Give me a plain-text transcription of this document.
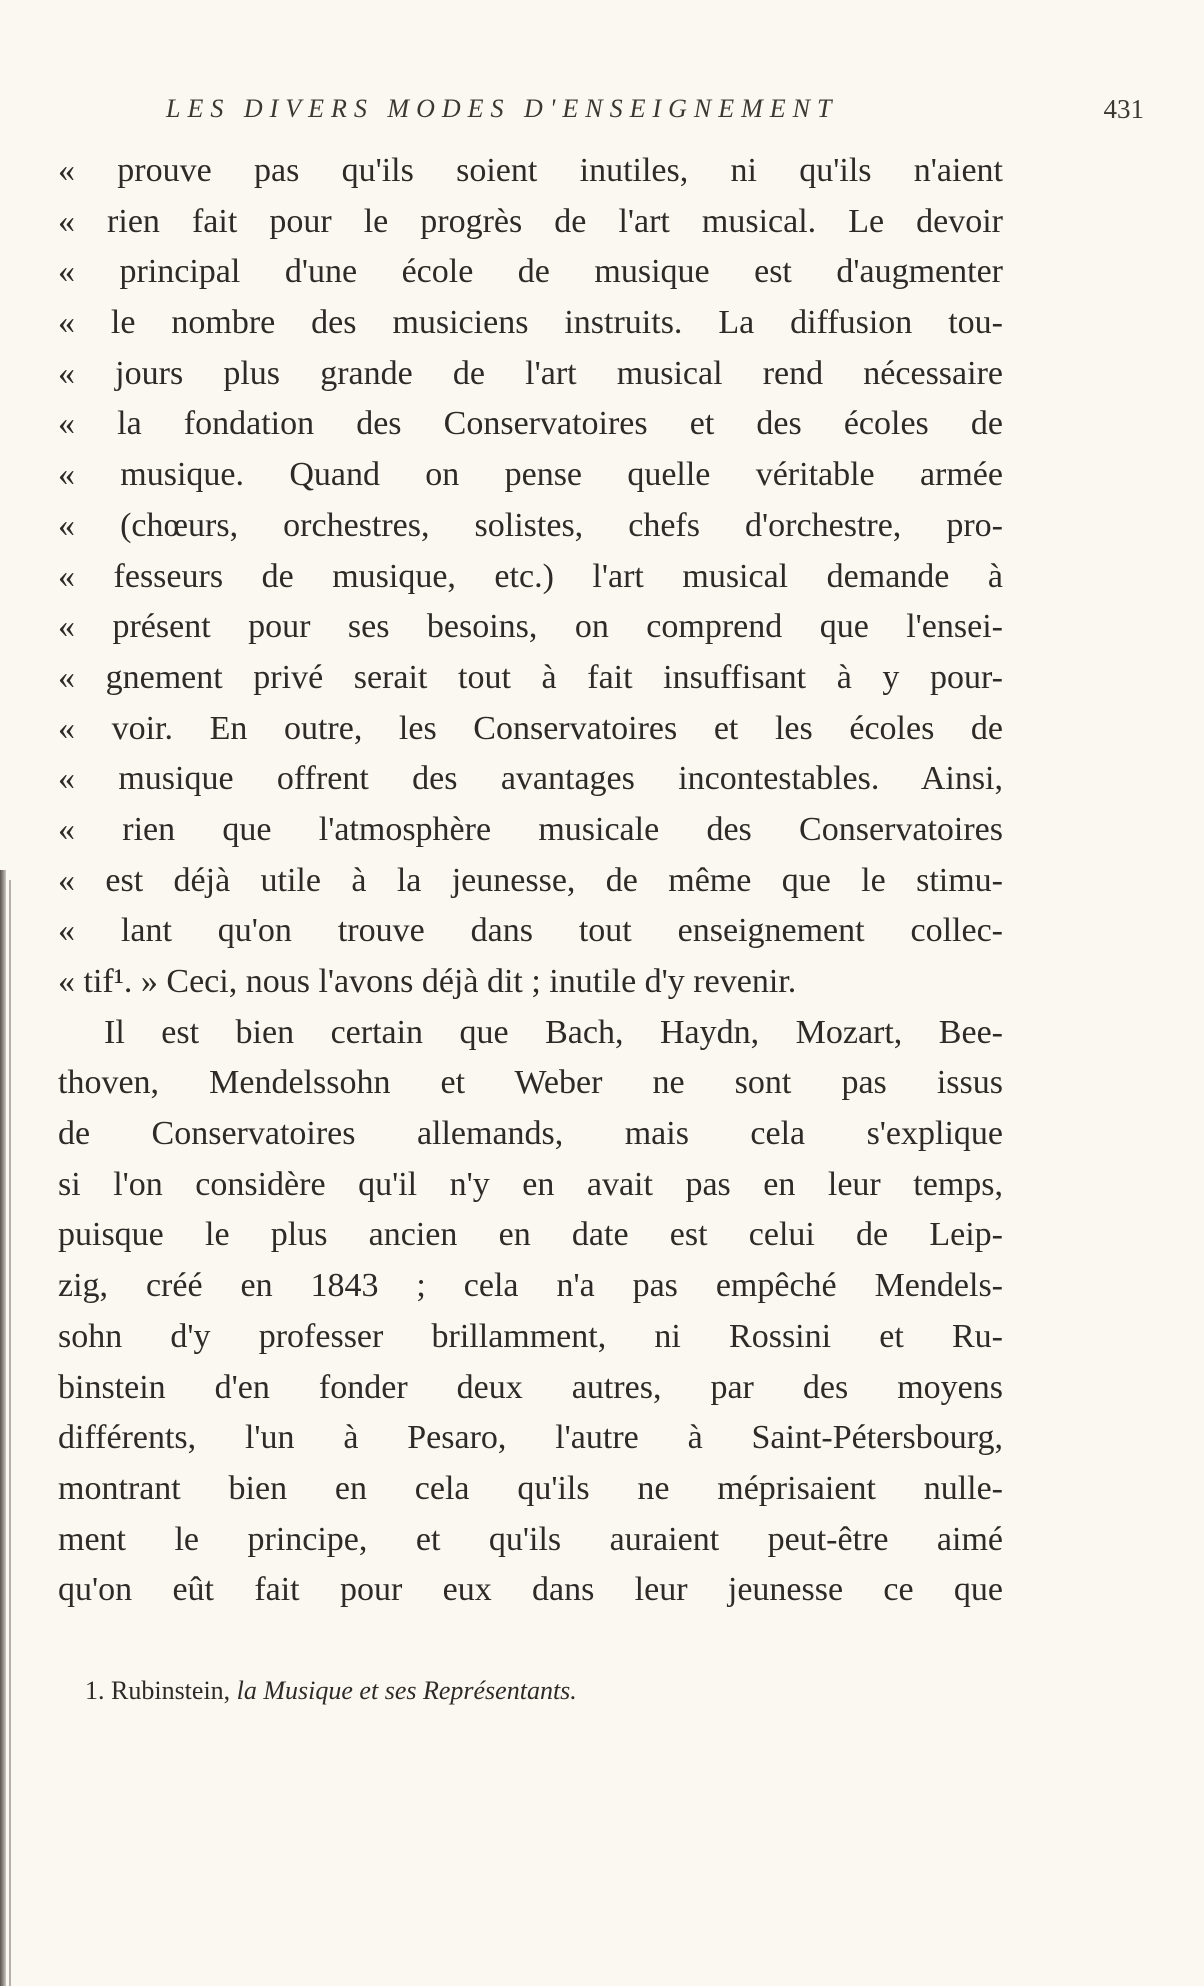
LES DIVERS MODES D'ENSEIGNEMENT	431
« prouve pas qu'ils soient inutiles, ni qu'ils n'aient
« rien fait pour le progrès de l'art musical. Le devoir
« principal d'une école de musique est d'augmenter
« le nombre des musiciens instruits. La diffusion tou-
« jours plus grande de l'art musical rend nécessaire
« la fondation des Conservatoires et des écoles de
« musique. Quand on pense quelle véritable armée
« (chœurs, orchestres, solistes, chefs d'orchestre, pro-
« fesseurs de musique, etc.) l'art musical demande à
« présent pour ses besoins, on comprend que l'ensei-
« gnement privé serait tout à fait insuffisant à y pour-
« voir. En outre, les Conservatoires et les écoles de
« musique offrent des avantages incontestables. Ainsi,
« rien que l'atmosphère musicale des Conservatoires
« est déjà utile à la jeunesse, de même que le stimu-
« lant qu'on trouve dans tout enseignement collec-
« tif¹. » Ceci, nous l'avons déjà dit ; inutile d'y revenir.
Il est bien certain que Bach, Haydn, Mozart, Bee-
thoven, Mendelssohn et Weber ne sont pas issus
de Conservatoires allemands, mais cela s'explique
si l'on considère qu'il n'y en avait pas en leur temps,
puisque le plus ancien en date est celui de Leip-
zig, créé en 1843 ; cela n'a pas empêché Mendels-
sohn d'y professer brillamment, ni Rossini et Ru-
binstein d'en fonder deux autres, par des moyens
différents, l'un à Pesaro, l'autre à Saint-Pétersbourg,
montrant bien en cela qu'ils ne méprisaient nulle-
ment le principe, et qu'ils auraient peut-être aimé
qu'on eût fait pour eux dans leur jeunesse ce que
1. Rubinstein, la Musique et ses Représentants.
